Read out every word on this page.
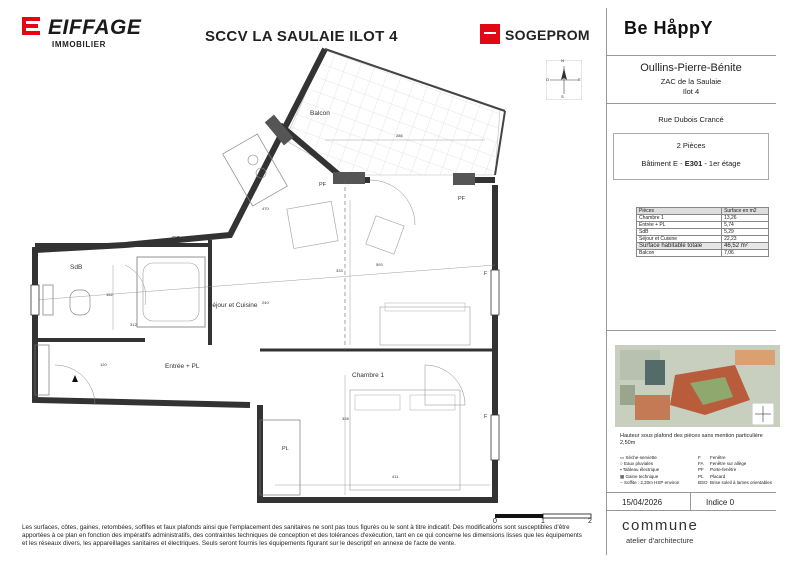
EIFFAGE
IMMOBILIER	SCCV LA SAULAIE ILOT 4	SOGEPROM
Balcon
SdB
Séjour et Cuisine
Entrée + PL
Chambre 1
GT
PF
PF
PL
PL
F
F
286
470
593
333
312
152
328
411
120
240
N
S
E
O
0	1	2
Les surfaces, côtes, gaines, retombées, soffites et faux plafonds ainsi que l'emplacement des sanitaires ne sont pas tous figurés ou le sont à titre indicatif. Des modifications sont susceptibles d'être apportées à ce plan en fonction des impératifs administratifs, des contraintes techniques de conception et des tolérances d'exécution, tant en ce qui concerne les dimensions lisses que les équipements et les réseaux divers, les appareillages sanitaires et électriques. Seuls seront fournis les équipements figurant sur le descriptif en annexe de l'acte de vente.
Be HåppY
Oullins-Pierre-Bénite
ZAC de la Saulaie
Ilot 4
Rue Dubois Crancé
2 Pièces
Bâtiment E - E301 - 1er étage
Pièces	Surface en m2
Chambre 1	13,26
Entrée + PL	5,74
SdB	5,29
Séjour et Cuisine	22,23
Surface habitable totale	46,52 m²
Balcon	7,06
Hauteur sous plafond des pièces sans mention particulière 2,50m
▭ Sèche-serviette
○ Eaux pluviales
▪ Tableau électrique
▩ Gaine technique
┄ Soffite : 2,20m HSP environ
F Fenêtre
FA Fenêtre sur allège
PF Porte-fenêtre
PL Placard
BSO Brise soleil à lames orientables
15/04/2026	Indice 0
commune
atelier d'architecture
